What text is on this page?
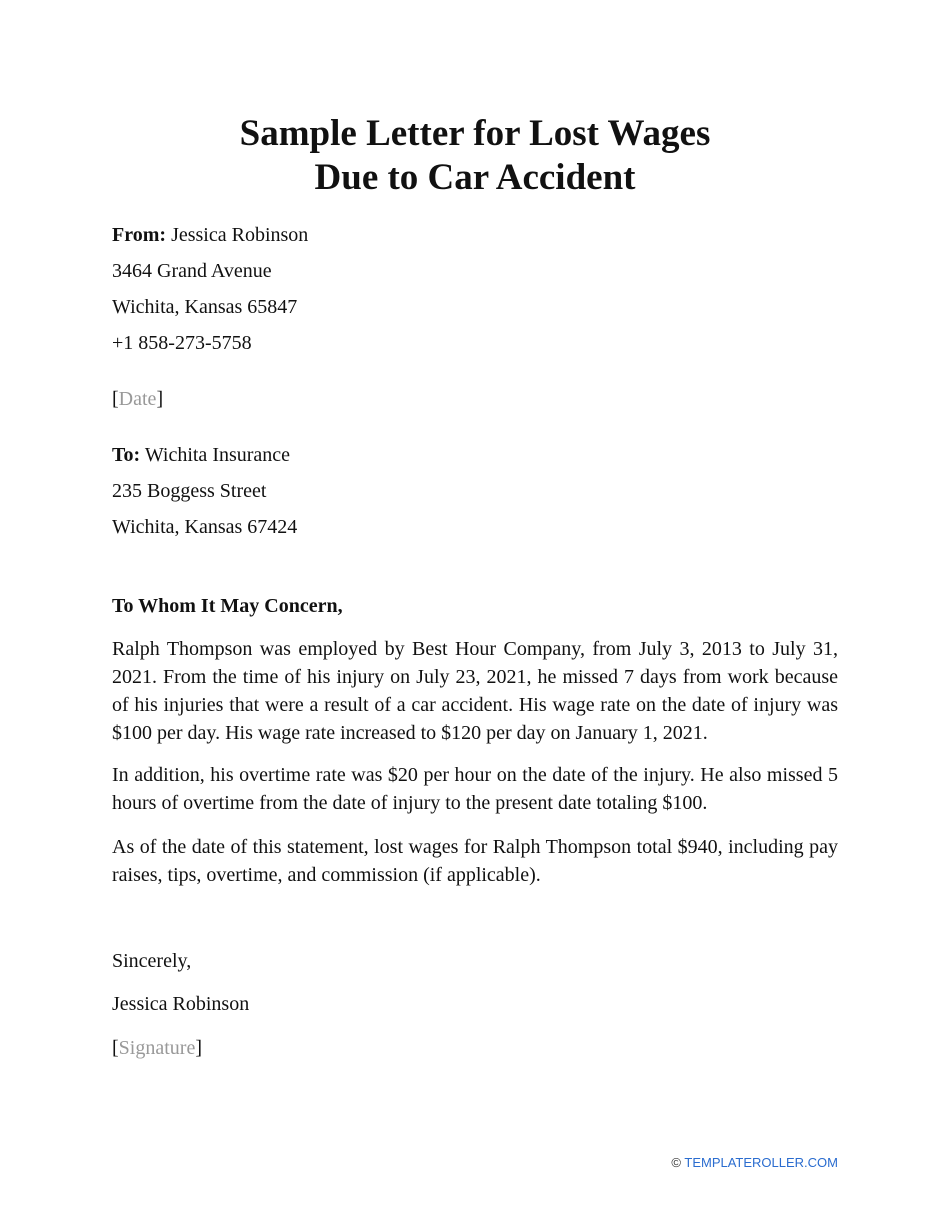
Sample Letter for Lost Wages
Due to Car Accident

From: Jessica Robinson

3464 Grand Avenue

Wichita, Kansas 65847

+1 858-273-5758

[Date]

To: Wichita Insurance

235 Boggess Street

Wichita, Kansas 67424

To Whom It May Concern,

Ralph Thompson was employed by Best Hour Company, from July 3, 2013 to July 31, 2021. From the time of his injury on July 23, 2021, he missed 7 days from work because of his injuries that were a result of a car accident. His wage rate on the date of injury was $100 per day. His wage rate increased to $120 per day on January 1, 2021.

In addition, his overtime rate was $20 per hour on the date of the injury. He also missed 5 hours of overtime from the date of injury to the present date totaling $100.

As of the date of this statement, lost wages for Ralph Thompson total $940, including pay raises, tips, overtime, and commission (if applicable).

Sincerely,

Jessica Robinson

[Signature]

© TEMPLATEROLLER.COM
